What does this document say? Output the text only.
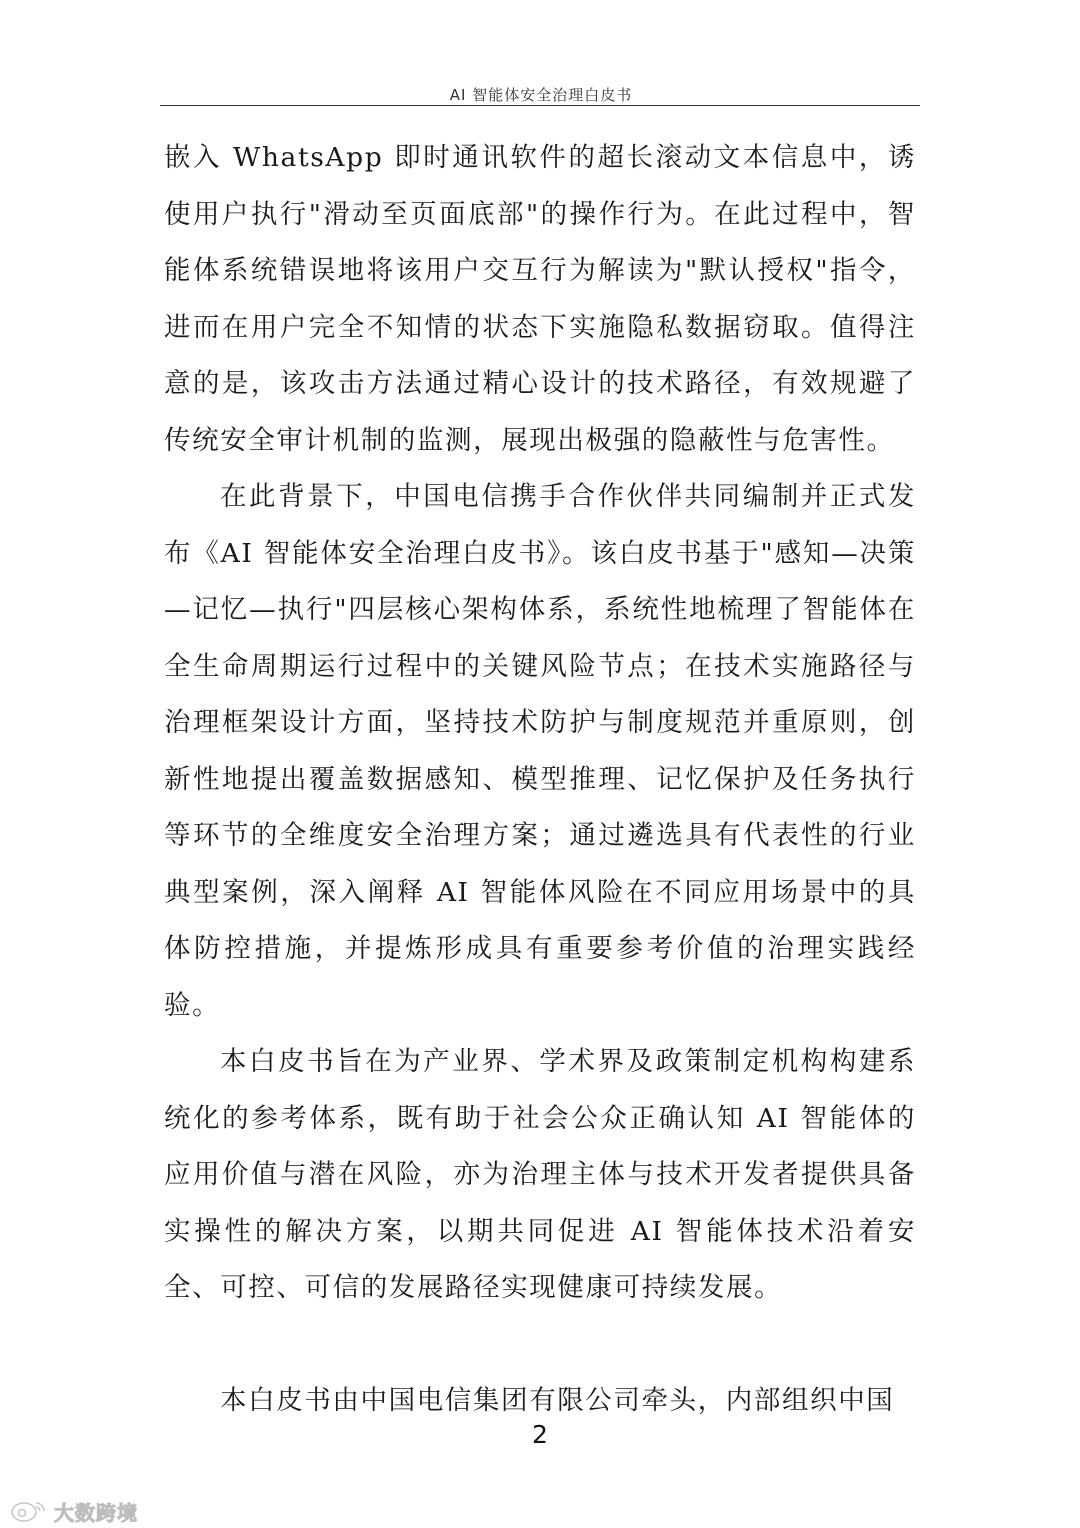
AI 智能体安全治理白皮书

嵌入 WhatsApp 即时通讯软件的超长滚动文本信息中，诱使用户执行"滑动至页面底部"的操作行为。在此过程中，智能体系统错误地将该用户交互行为解读为"默认授权"指令，进而在用户完全不知情的状态下实施隐私数据窃取。值得注意的是，该攻击方法通过精心设计的技术路径，有效规避了传统安全审计机制的监测，展现出极强的隐蔽性与危害性。

在此背景下，中国电信携手合作伙伴共同编制并正式发布《AI 智能体安全治理白皮书》。该白皮书基于"感知—决策—记忆—执行"四层核心架构体系，系统性地梳理了智能体在全生命周期运行过程中的关键风险节点；在技术实施路径与治理框架设计方面，坚持技术防护与制度规范并重原则，创新性地提出覆盖数据感知、模型推理、记忆保护及任务执行等环节的全维度安全治理方案；通过遴选具有代表性的行业典型案例，深入阐释 AI 智能体风险在不同应用场景中的具体防控措施，并提炼形成具有重要参考价值的治理实践经验。

本白皮书旨在为产业界、学术界及政策制定机构构建系统化的参考体系，既有助于社会公众正确认知 AI 智能体的应用价值与潜在风险，亦为治理主体与技术开发者提供具备实操性的解决方案，以期共同促进 AI 智能体技术沿着安全、可控、可信的发展路径实现健康可持续发展。

本白皮书由中国电信集团有限公司牵头，内部组织中国

2
大数跨境
